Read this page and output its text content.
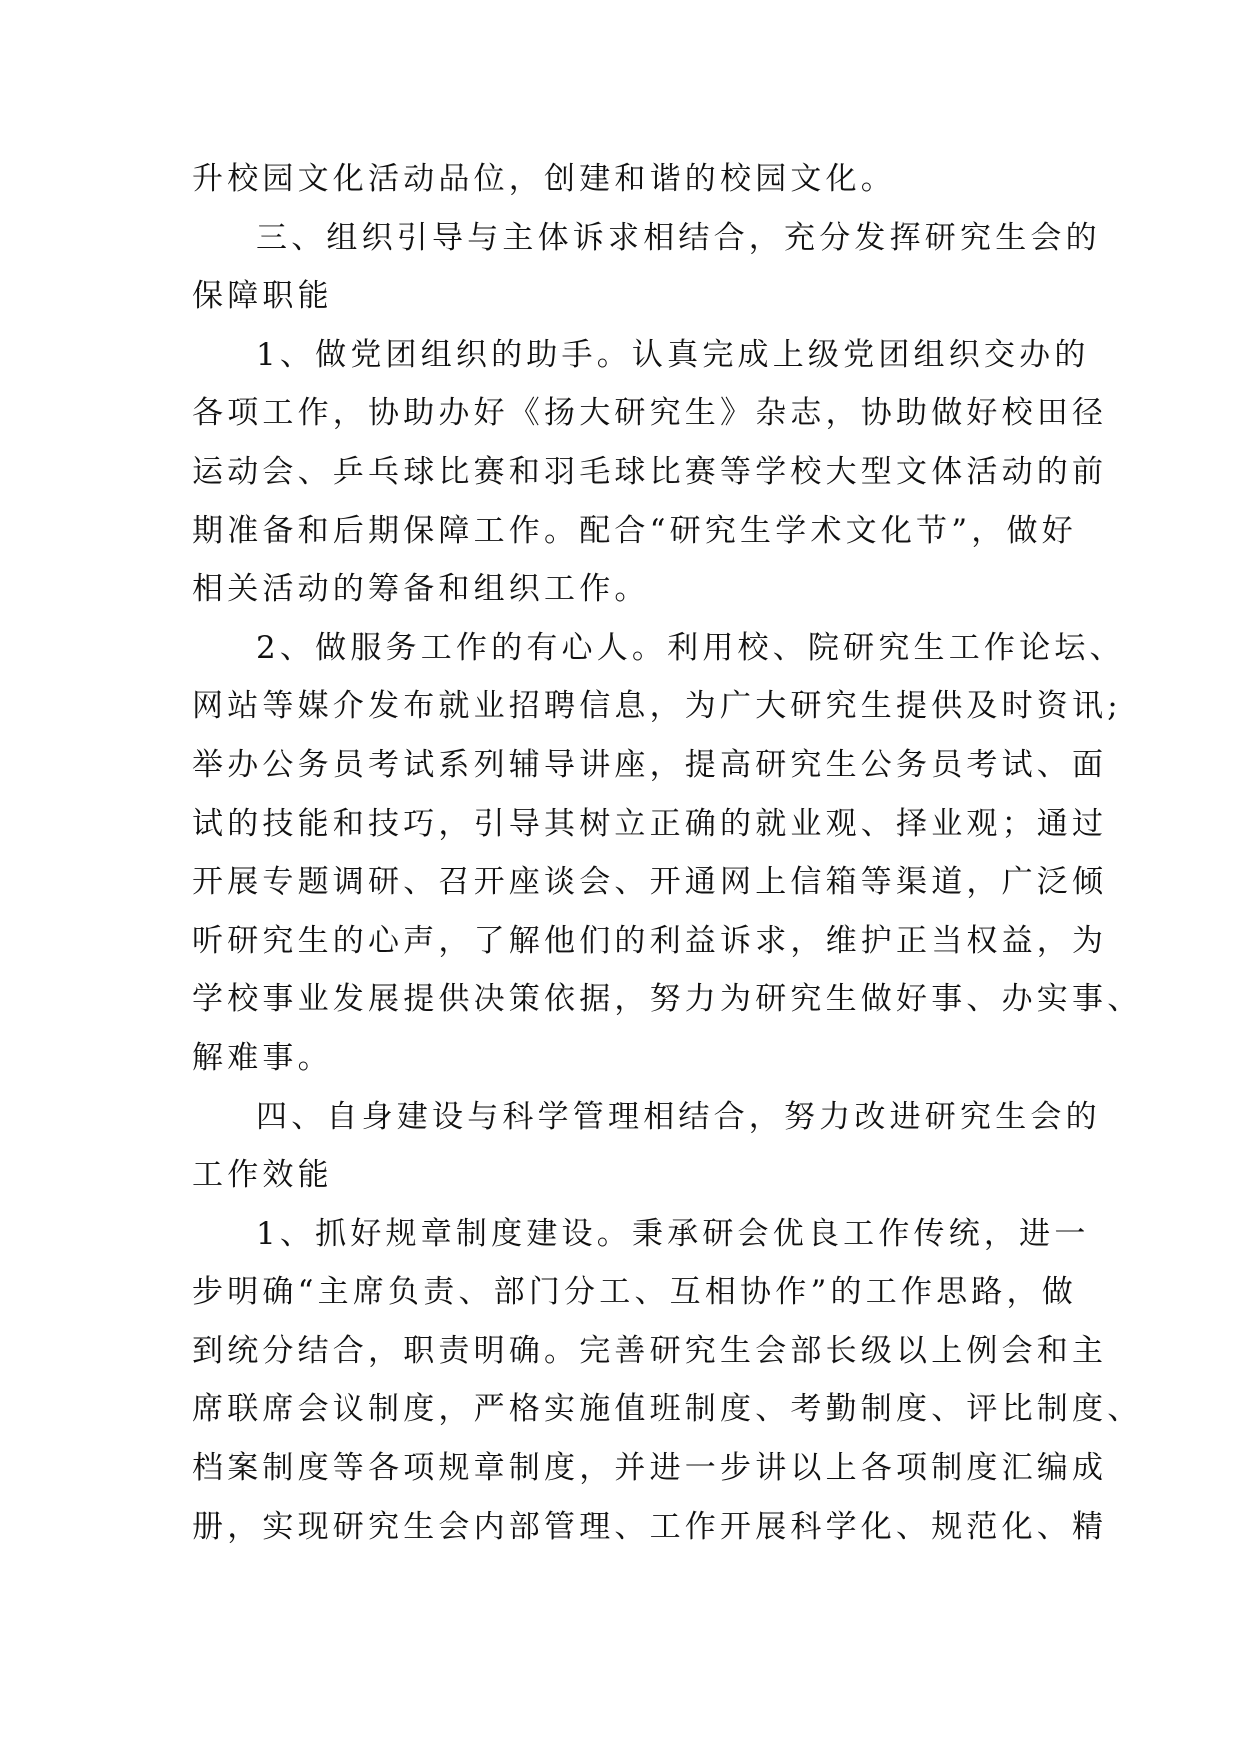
升校园文化活动品位，创建和谐的校园文化。
三、组织引导与主体诉求相结合，充分发挥研究生会的
保障职能
1、做党团组织的助手。认真完成上级党团组织交办的
各项工作，协助办好《扬大研究生》杂志，协助做好校田径
运动会、乒乓球比赛和羽毛球比赛等学校大型文体活动的前
期准备和后期保障工作。配合“研究生学术文化节”，做好
相关活动的筹备和组织工作。
2、做服务工作的有心人。利用校、院研究生工作论坛、
网站等媒介发布就业招聘信息，为广大研究生提供及时资讯;
举办公务员考试系列辅导讲座，提高研究生公务员考试、面
试的技能和技巧，引导其树立正确的就业观、择业观；通过
开展专题调研、召开座谈会、开通网上信箱等渠道，广泛倾
听研究生的心声，了解他们的利益诉求，维护正当权益，为
学校事业发展提供决策依据，努力为研究生做好事、办实事、
解难事。
四、自身建设与科学管理相结合，努力改进研究生会的
工作效能
1、抓好规章制度建设。秉承研会优良工作传统，进一
步明确“主席负责、部门分工、互相协作”的工作思路，做
到统分结合，职责明确。完善研究生会部长级以上例会和主
席联席会议制度，严格实施值班制度、考勤制度、评比制度、
档案制度等各项规章制度，并进一步讲以上各项制度汇编成
册，实现研究生会内部管理、工作开展科学化、规范化、精
